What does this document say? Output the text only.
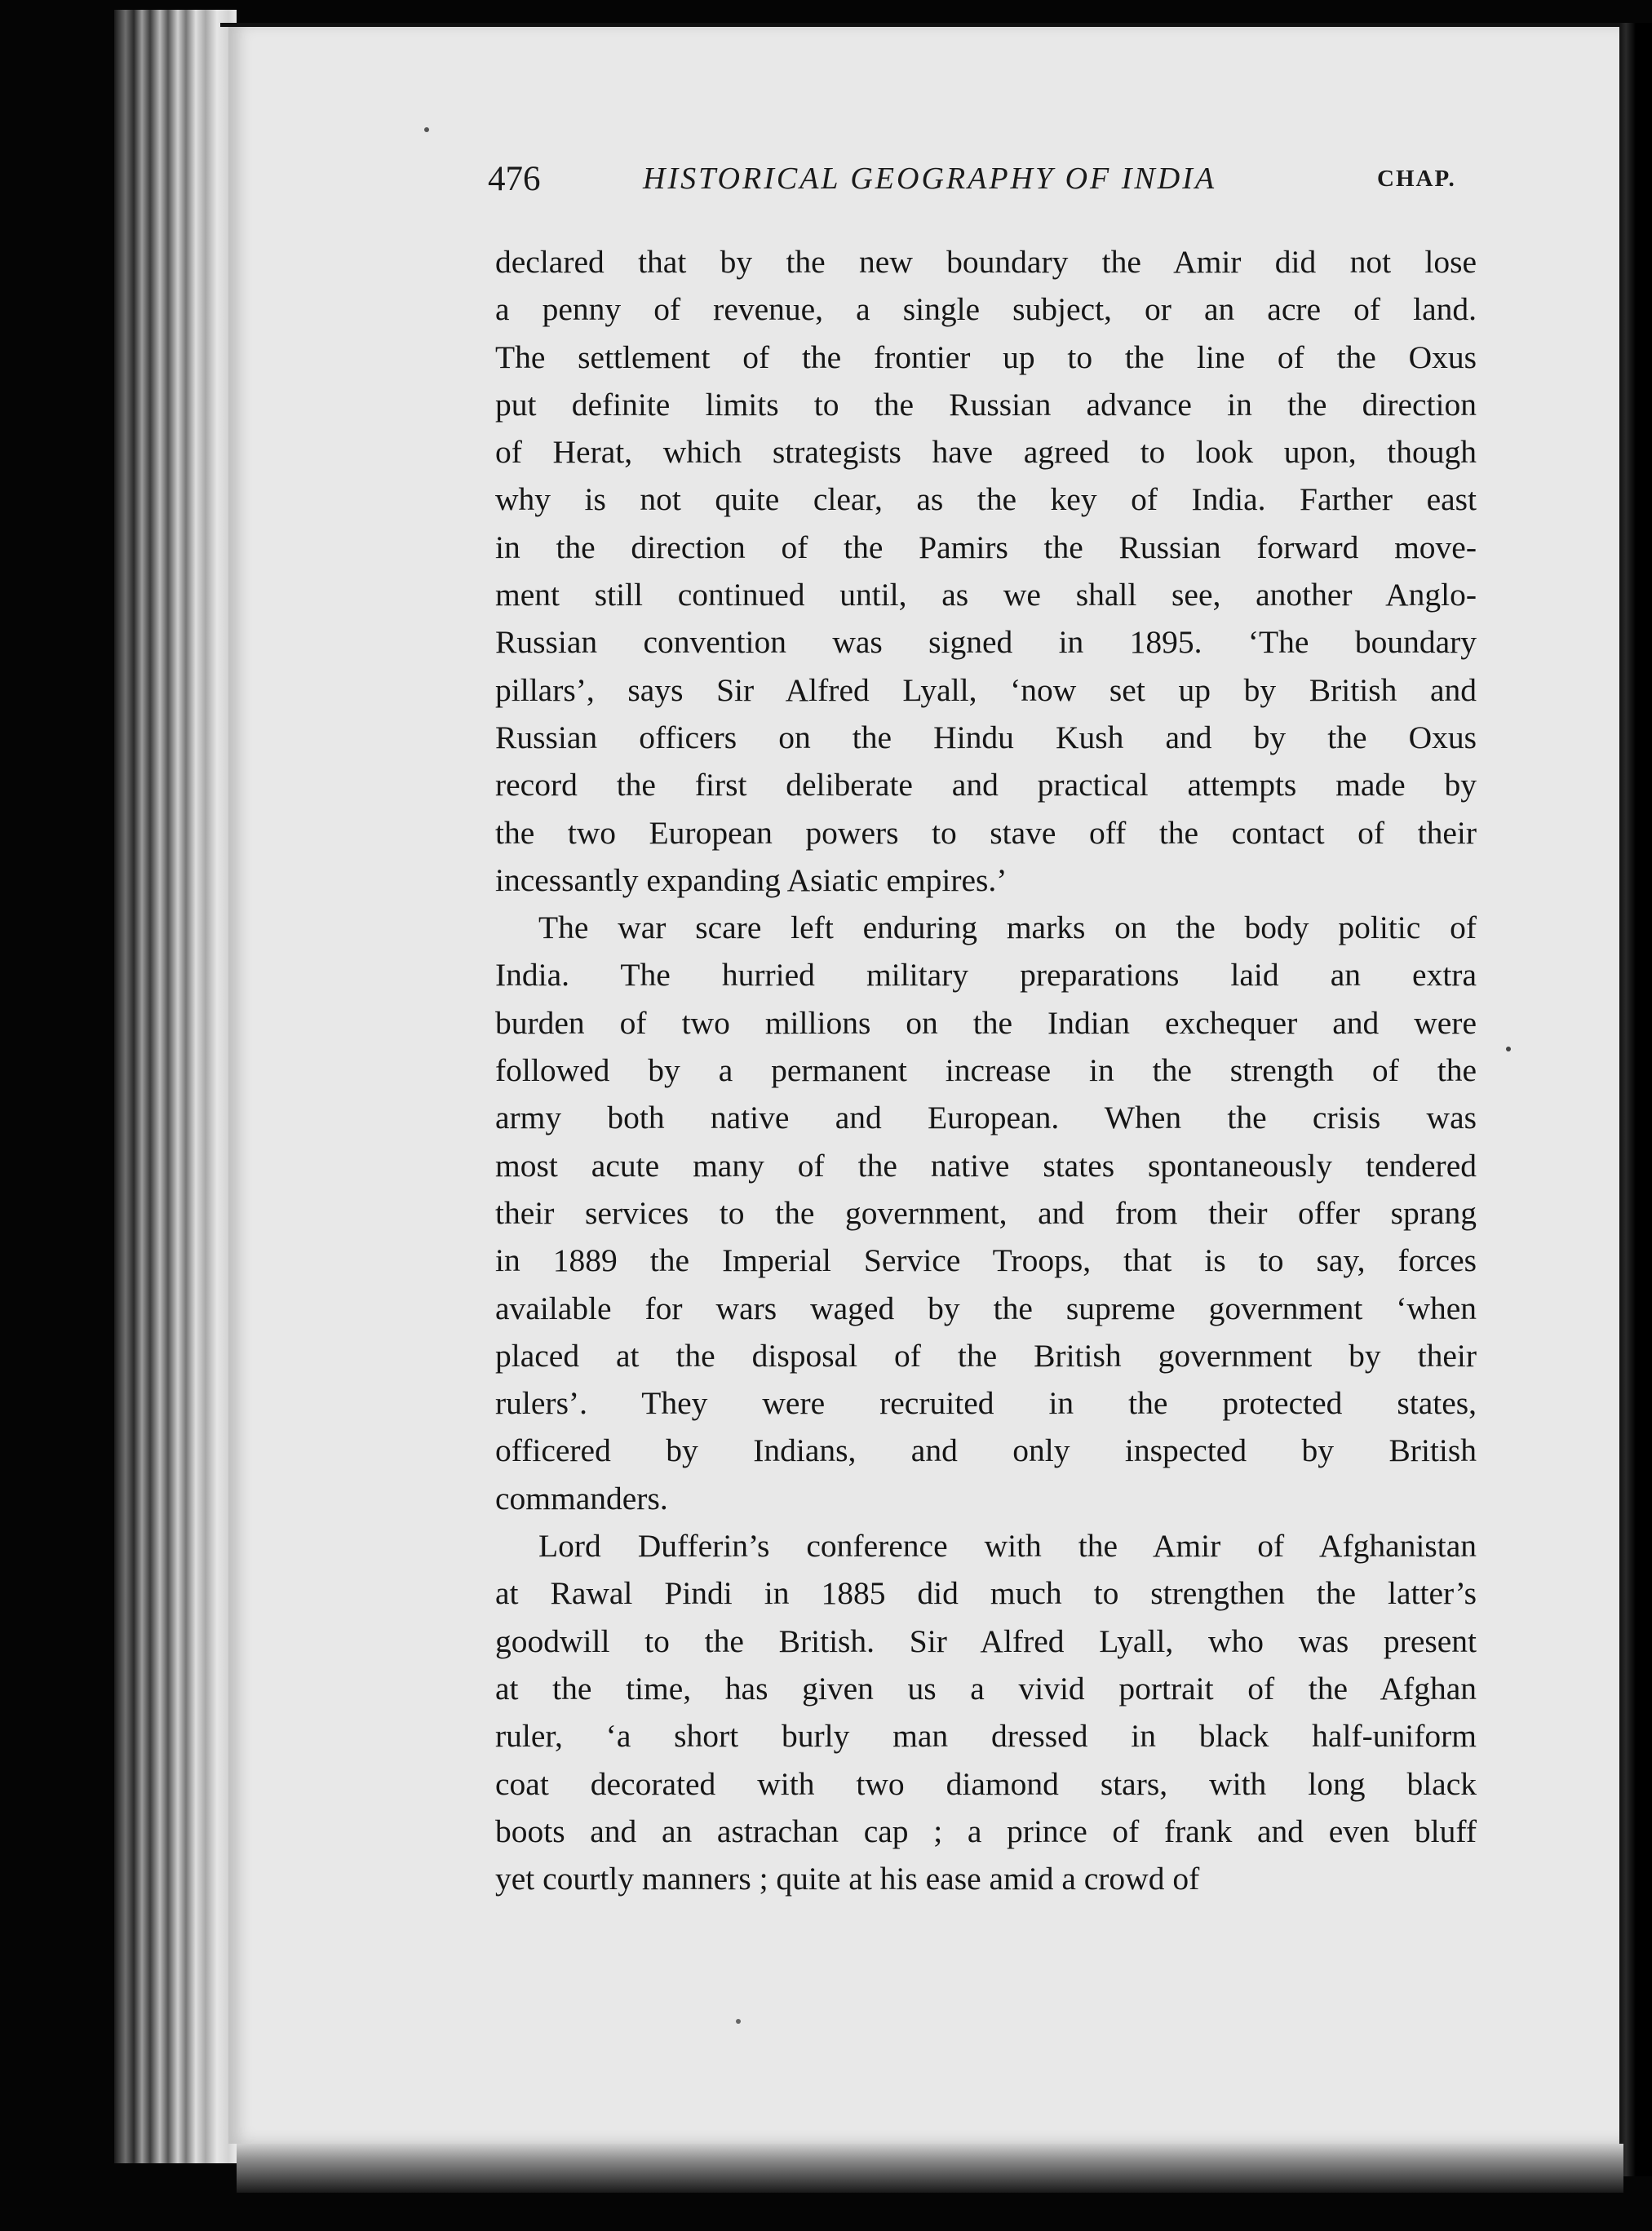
476	HISTORICAL GEOGRAPHY OF INDIA	CHAP.
declared that by the new boundary the Amir did not lose
a penny of revenue, a single subject, or an acre of land.
The settlement of the frontier up to the line of the Oxus
put definite limits to the Russian advance in the direction
of Herat, which strategists have agreed to look upon, though
why is not quite clear, as the key of India. Farther east
in the direction of the Pamirs the Russian forward move-
ment still continued until, as we shall see, another Anglo-
Russian convention was signed in 1895. ‘The boundary
pillars’, says Sir Alfred Lyall, ‘now set up by British and
Russian officers on the Hindu Kush and by the Oxus
record the first deliberate and practical attempts made by
the two European powers to stave off the contact of their
incessantly expanding Asiatic empires.’
The war scare left enduring marks on the body politic of
India. The hurried military preparations laid an extra
burden of two millions on the Indian exchequer and were
followed by a permanent increase in the strength of the
army both native and European. When the crisis was
most acute many of the native states spontaneously tendered
their services to the government, and from their offer sprang
in 1889 the Imperial Service Troops, that is to say, forces
available for wars waged by the supreme government ‘when
placed at the disposal of the British government by their
rulers’. They were recruited in the protected states,
officered by Indians, and only inspected by British
commanders.
Lord Dufferin’s conference with the Amir of Afghanistan
at Rawal Pindi in 1885 did much to strengthen the latter’s
goodwill to the British. Sir Alfred Lyall, who was present
at the time, has given us a vivid portrait of the Afghan
ruler, ‘a short burly man dressed in black half-uniform
coat decorated with two diamond stars, with long black
boots and an astrachan cap ; a prince of frank and even bluff
yet courtly manners ; quite at his ease amid a crowd of
